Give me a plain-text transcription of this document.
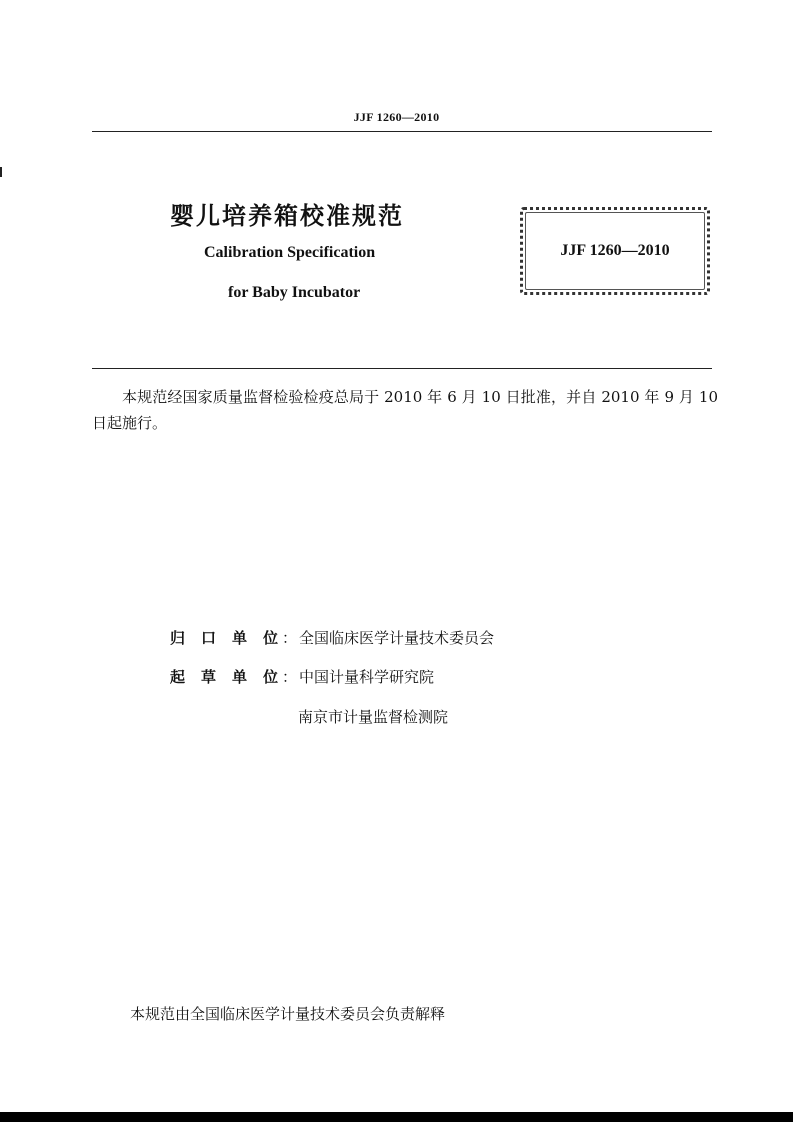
JJF 1260—2010
婴儿培养箱校准规范
Calibration Specification
for Baby Incubator
JJF 1260—2010
本规范经国家质量监督检验检疫总局于 2010 年 6 月 10 日批准，并自 2010 年 9 月 10 日起施行。
归 口 单 位 ： 全国临床医学计量技术委员会
起 草 单 位 ： 中国计量科学研究院
南京市计量监督检测院
本规范由全国临床医学计量技术委员会负责解释
